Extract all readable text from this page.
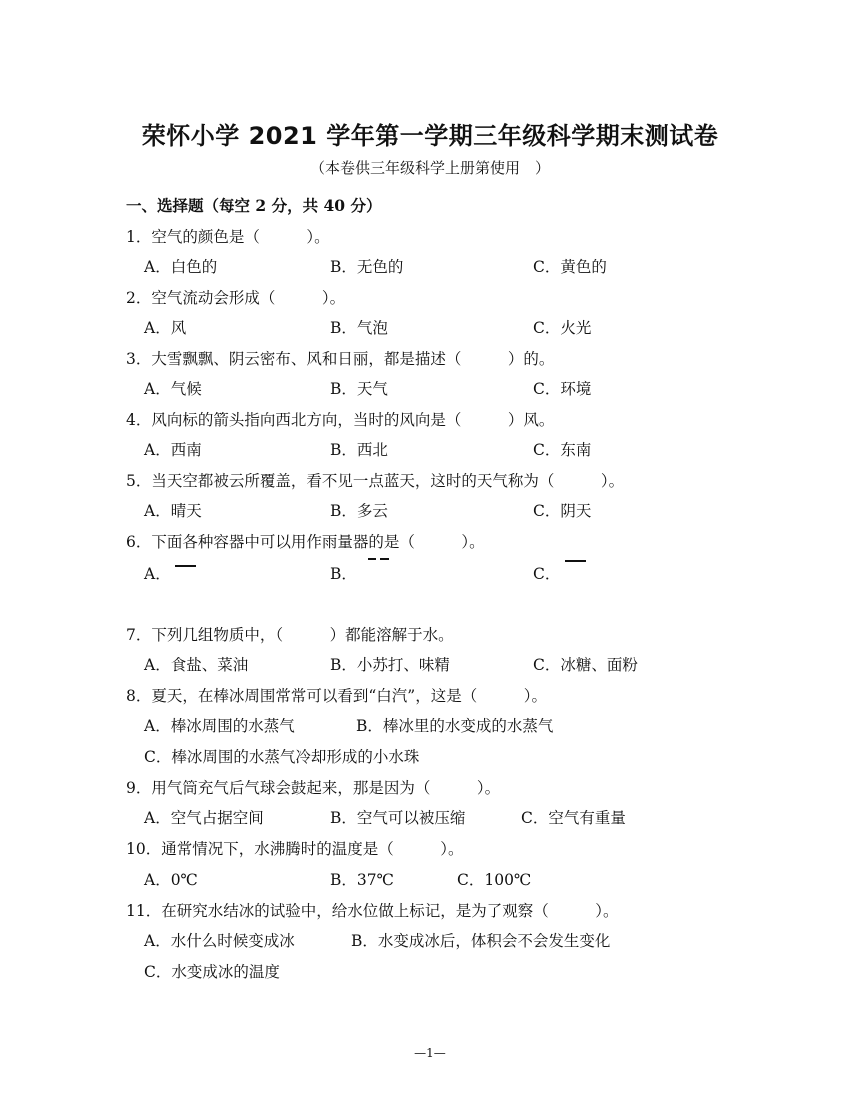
荣怀小学 2021 学年第一学期三年级科学期末测试卷
（本卷供三年级科学上册第使用　）
一、选择题（每空 2 分，共 40 分）
1．空气的颜色是（　　　）。
A．白色的	B．无色的	C．黄色的
2．空气流动会形成（　　　）。
A．风	B．气泡	C．火光
3．大雪飘飘、阴云密布、风和日丽，都是描述（　　　）的。
A．气候	B．天气	C．环境
4．风向标的箭头指向西北方向，当时的风向是（　　　）风。
A．西南	B．西北	C．东南
5．当天空都被云所覆盖，看不见一点蓝天，这时的天气称为（　　　）。
A．晴天	B．多云	C．阴天
6．下面各种容器中可以用作雨量器的是（　　　）。
A．	B．	C．
7．下列几组物质中，（　　　）都能溶解于水。
A．食盐、菜油	B．小苏打、味精	C．冰糖、面粉
8．夏天，在棒冰周围常常可以看到“白汽”，这是（　　　）。
A．棒冰周围的水蒸气	B．棒冰里的水变成的水蒸气
C．棒冰周围的水蒸气冷却形成的小水珠
9．用气筒充气后气球会鼓起来，那是因为（　　　）。
A．空气占据空间	B．空气可以被压缩	C．空气有重量
10．通常情况下，水沸腾时的温度是（　　　）。
A．0℃	B．37℃	C．100℃
11．在研究水结冰的试验中，给水位做上标记，是为了观察（　　　）。
A．水什么时候变成冰	B．水变成冰后，体积会不会发生变化
C．水变成冰的温度
—1—
